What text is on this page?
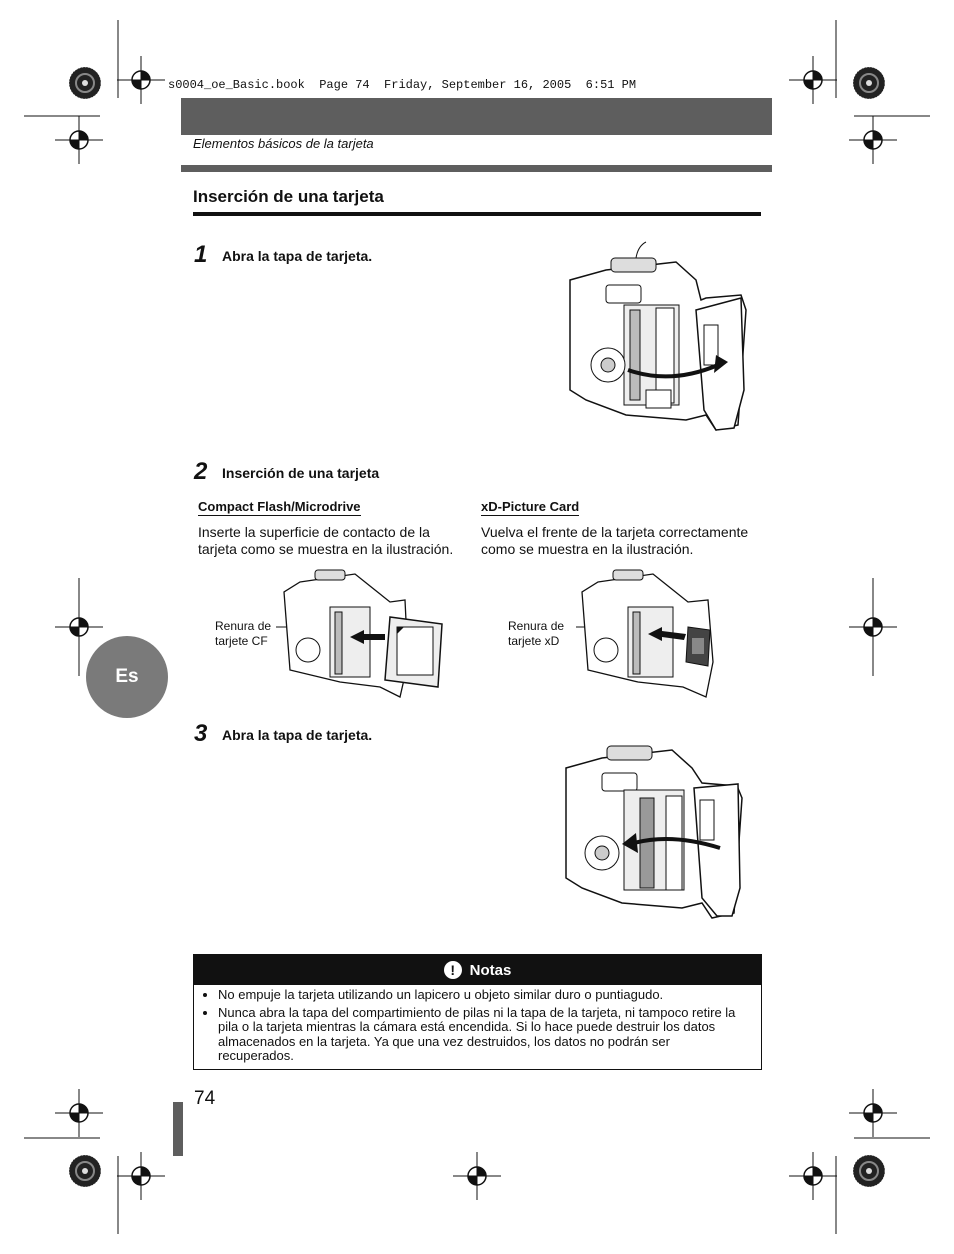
s0004_oe_Basic.book  Page 74  Friday, September 16, 2005  6:51 PM
Elementos básicos de la tarjeta
Inserción de una tarjeta
1 Abra la tapa de tarjeta.
2 Inserción de una tarjeta
Compact Flash/Microdrive
Inserte la superficie de contacto de la tarjeta como se muestra en la ilustración.
Renura de
tarjete CF
xD-Picture Card
Vuelva el frente de la tarjeta correctamente como se muestra en la ilustración.
Renura de
tarjete xD
Es
3 Abra la tapa de tarjeta.
! Notas
• No empuje la tarjeta utilizando un lapicero u objeto similar duro o puntiagudo.
• Nunca abra la tapa del compartimiento de pilas ni la tapa de la tarjeta, ni tampoco retire la pila o la tarjeta mientras la cámara está encendida. Si lo hace puede destruir los datos almacenados en la tarjeta. Ya que una vez destruidos, los datos no podrán ser recuperados.
74
